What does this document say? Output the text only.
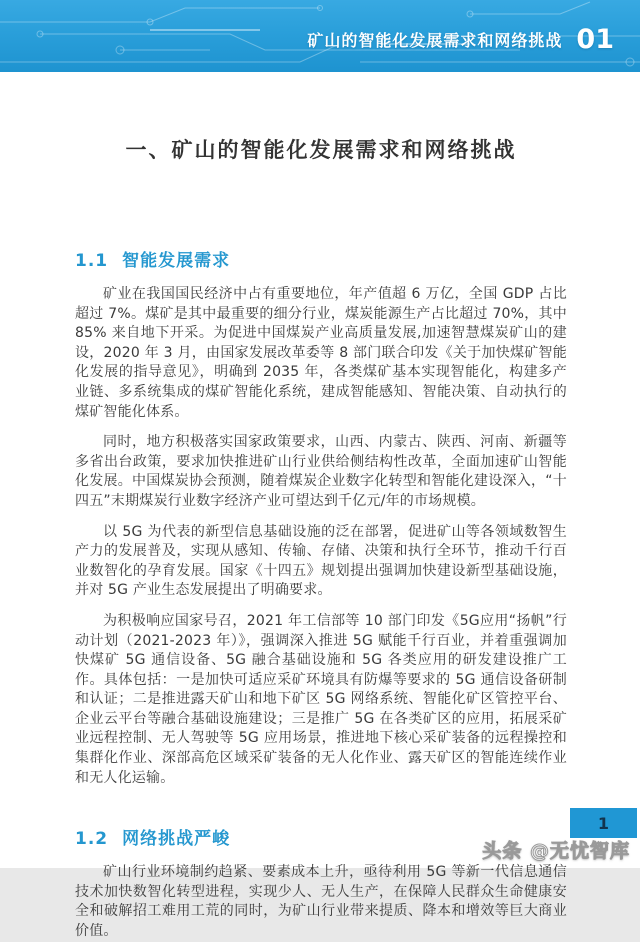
矿山的智能化发展需求和网络挑战 01
一、矿山的智能化发展需求和网络挑战
1.1 智能发展需求

矿业在我国国民经济中占有重要地位，年产值超 6 万亿，全国 GDP 占比超过 7%。煤矿是其中最重要的细分行业，煤炭能源生产占比超过 70%，其中 85% 来自地下开采。为促进中国煤炭产业高质量发展,加速智慧煤炭矿山的建设，2020 年 3 月，由国家发展改革委等 8 部门联合印发《关于加快煤矿智能化发展的指导意见》，明确到 2035 年，各类煤矿基本实现智能化，构建多产业链、多系统集成的煤矿智能化系统，建成智能感知、智能决策、自动执行的煤矿智能化体系。

同时，地方积极落实国家政策要求，山西、内蒙古、陕西、河南、新疆等多省出台政策，要求加快推进矿山行业供给侧结构性改革，全面加速矿山智能化发展。中国煤炭协会预测，随着煤炭企业数字化转型和智能化建设深入，“十四五”末期煤炭行业数字经济产业可望达到千亿元/年的市场规模。

以 5G 为代表的新型信息基础设施的泛在部署，促进矿山等各领域数智生产力的发展普及，实现从感知、传输、存储、决策和执行全环节，推动千行百业数智化的孕育发展。国家《十四五》规划提出强调加快建设新型基础设施，并对 5G 产业生态发展提出了明确要求。

为积极响应国家号召，2021 年工信部等 10 部门印发《5G应用“扬帆”行动计划（2021-2023 年）》，强调深入推进 5G 赋能千行百业，并着重强调加快煤矿 5G 通信设备、5G 融合基础设施和 5G 各类应用的研发建设推广工作。具体包括：一是加快可适应采矿环境具有防爆等要求的 5G 通信设备研制和认证；二是推进露天矿山和地下矿区 5G 网络系统、智能化矿区管控平台、企业云平台等融合基础设施建设；三是推广 5G 在各类矿区的应用，拓展采矿业远程控制、无人驾驶等 5G 应用场景，推进地下核心采矿装备的远程操控和集群化作业、深部高危区域采矿装备的无人化作业、露天矿区的智能连续作业和无人化运输。

1.2 网络挑战严峻

矿山行业环境制约趋紧、要素成本上升，亟待利用 5G 等新一代信息通信技术加快数智化转型进程，实现少人、无人生产，在保障人民群众生命健康安全和破解招工难用工荒的同时，为矿山行业带来提质、降本和增效等巨大商业价值。

1
头条 @无忧智库
